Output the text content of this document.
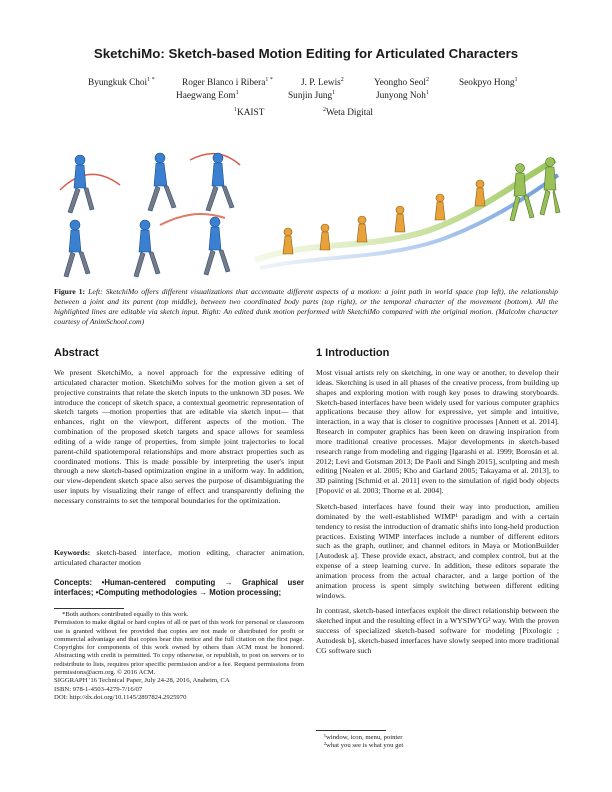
SketchiMo: Sketch-based Motion Editing for Articulated Characters
Byungkuk Choi$^{1 *}$	Roger Blanco i Ribera$^{1 *}$	J. P. Lewis$^2$	Yeongho Seol$^2$	Seokpyo Hong$^1$
Haegwang Eom$^1$	Sunjin Jung$^1$	Junyong Noh$^1$
$^1$KAIST	$^2$Weta Digital
Figure 1: Left: SketchiMo offers different visualizations that accentuate different aspects of a motion: a joint path in world space (top left), the relationship between a joint and its parent (top middle), between two coordinated body parts (top right), or the temporal character of the movement (bottom). All the highlighted lines are editable via sketch input. Right: An edited dunk motion performed with SketchiMo compared with the original motion. (Malcolm character courtesy of AnimSchool.com)
Abstract

We present SketchiMo, a novel approach for the expressive editing of articulated character motion. SketchiMo solves for the motion given a set of projective constraints that relate the sketch inputs to the unknown 3D poses. We introduce the concept of sketch space, a contextual geometric representation of sketch targets —motion properties that are editable via sketch input— that enhances, right on the viewport, different aspects of the motion. The combination of the proposed sketch targets and space allows for seamless editing of a wide range of properties, from simple joint trajectories to local parent-child spatiotemporal relationships and more abstract properties such as coordinated motions. This is made possible by interpreting the user's input through a new sketch-based optimization engine in a uniform way. In addition, our view-dependent sketch space also serves the purpose of disambiguating the user inputs by visualizing their range of effect and transparently defining the necessary constraints to set the temporal boundaries for the optimization.

Keywords: sketch-based interface, motion editing, character animation, articulated character motion
Concepts: •Human-centered computing → Graphical user interfaces; •Computing methodologies → Motion processing;

*Both authors contributed equally to this work.

Permission to make digital or hard copies of all or part of this work for personal or classroom use is granted without fee provided that copies are not made or distributed for profit or commercial advantage and that copies bear this notice and the full citation on the first page. Copyrights for components of this work owned by others than ACM must be honored. Abstracting with credit is permitted. To copy otherwise, or republish, to post on servers or to redistribute to lists, requires prior specific permission and/or a fee. Request permissions from permissions@acm.org. © 2016 ACM.

SIGGRAPH '16 Technical Paper, July 24-28, 2016, Anaheim, CA

ISBN: 978-1-4503-4279-7/16/07

DOI: http://dx.doi.org/10.1145/2897824.2925970

1 Introduction

Most visual artists rely on sketching, in one way or another, to develop their ideas. Sketching is used in all phases of the creative process, from building up shapes and exploring motion with rough key poses to drawing storyboards. Sketch-based interfaces have been widely used for various computer graphics applications because they allow for expressive, yet simple and intuitive, interaction, in a way that is closer to cognitive processes [Annett et al. 2014]. Research in computer graphics has been keen on drawing inspiration from more traditional creative processes. Major developments in sketch-based research range from modeling and rigging [Igarashi et al. 1999; Borosán et al. 2012; Levi and Gotsman 2013; De Paoli and Singh 2015], sculpting and mesh editing [Nealen et al. 2005; Kho and Garland 2005; Takayama et al. 2013], to 3D painting [Schmid et al. 2011] even to the simulation of rigid body objects [Popović et al. 2003; Thorne et al. 2004].

Sketch-based interfaces have found their way into production, amilieu dominated by the well-established WIMP¹ paradigm and with a certain tendency to resist the introduction of dramatic shifts into long-held production practices. Existing WIMP interfaces include a number of different editors such as the graph, outliner, and channel editors in Maya or MotionBuilder [Autodesk a]. These provide exact, abstract, and complex control, but at the expense of a steep learning curve. In addition, these editors separate the animation process from the actual character, and a large portion of the animation process is spent simply switching between different editing windows.

In contrast, sketch-based interfaces exploit the direct relationship between the sketched input and the resulting effect in a WYSIWYG² way. With the proven success of specialized sketch-based software for modeling [Pixologic ; Autodesk b], sketch-based interfaces have slowly seeped into more traditional CG software such

¹window, icon, menu, pointer

²what you see is what you get
